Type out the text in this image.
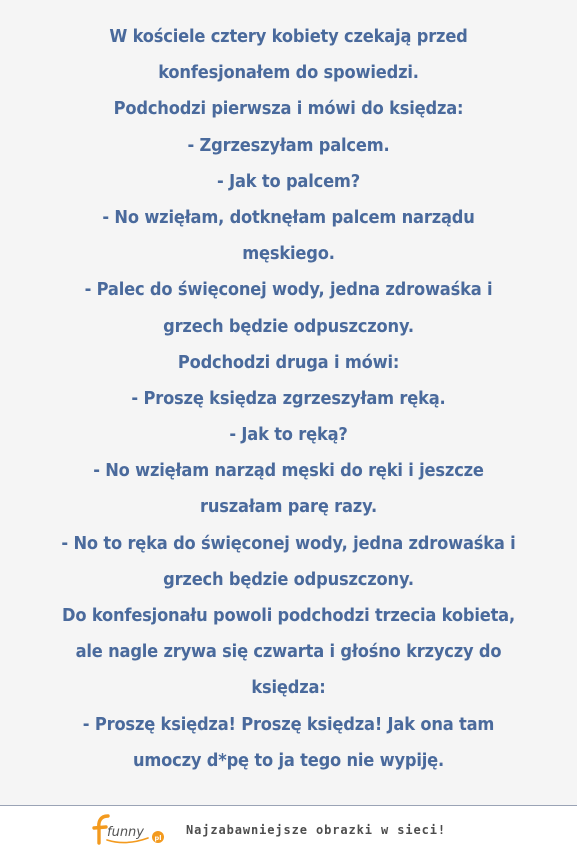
W kościele cztery kobiety czekają przed
konfesjonałem do spowiedzi.
Podchodzi pierwsza i mówi do księdza:
- Zgrzeszyłam palcem.
- Jak to palcem?
- No wzięłam, dotknęłam palcem narządu
męskiego.
- Palec do święconej wody, jedna zdrowaśka i
grzech będzie odpuszczony.
Podchodzi druga i mówi:
- Proszę księdza zgrzeszyłam ręką.
- Jak to ręką?
- No wzięłam narząd męski do ręki i jeszcze
ruszałam parę razy.
- No to ręka do święconej wody, jedna zdrowaśka i
grzech będzie odpuszczony.
Do konfesjonału powoli podchodzi trzecia kobieta,
ale nagle zrywa się czwarta i głośno krzyczy do
księdza:
- Proszę księdza! Proszę księdza! Jak ona tam
umoczy d*pę to ja tego nie wypiję.
funny pl
Najzabawniejsze obrazki w sieci!
